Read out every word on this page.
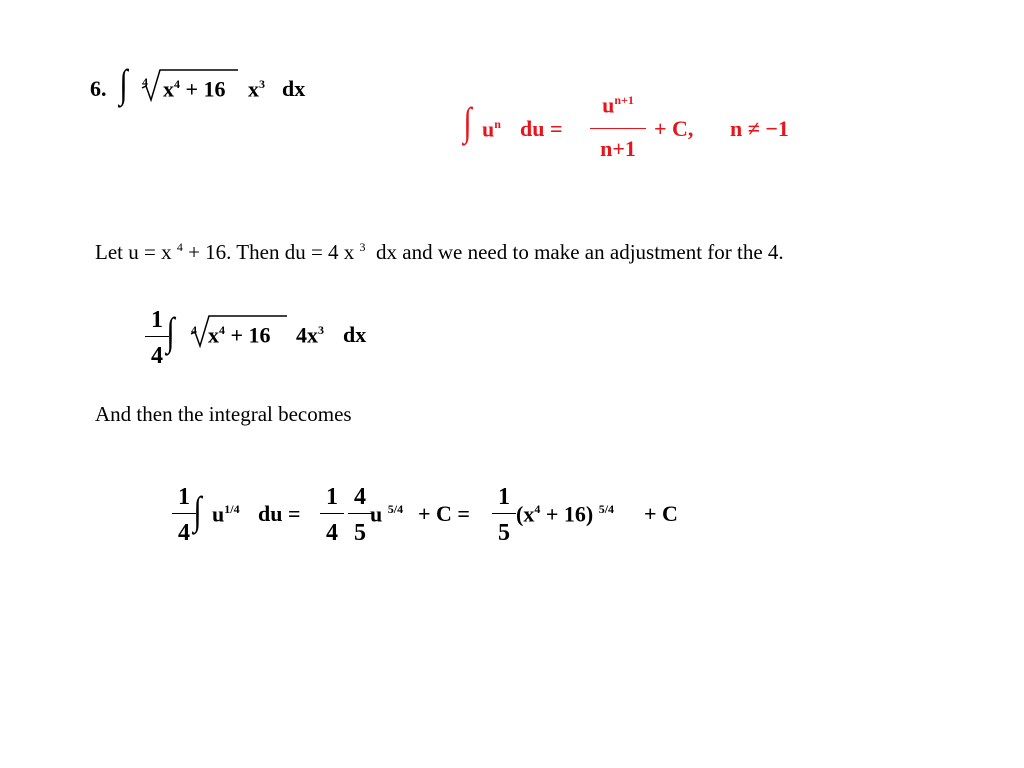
6. ∫ 4 $x^4 + 16$ $x^3$ dx
∫ $u^n$ du =
$u^{n+1}$
n+1
+ C, n ≠ −1
Let u = x $^4$ + 16. Then du = 4 x $^3$ dx and we need to make an adjustment for the 4.
1
4
∫ 4 $x^4 + 16$ $4x^3$ dx
And then the integral becomes
1
4 ∫ $u^{1/4}$ du =
1
4
4
5
u $^{5/4}$ + C =
1
5
$(x^4 + 16) ^{5/4} + C$
